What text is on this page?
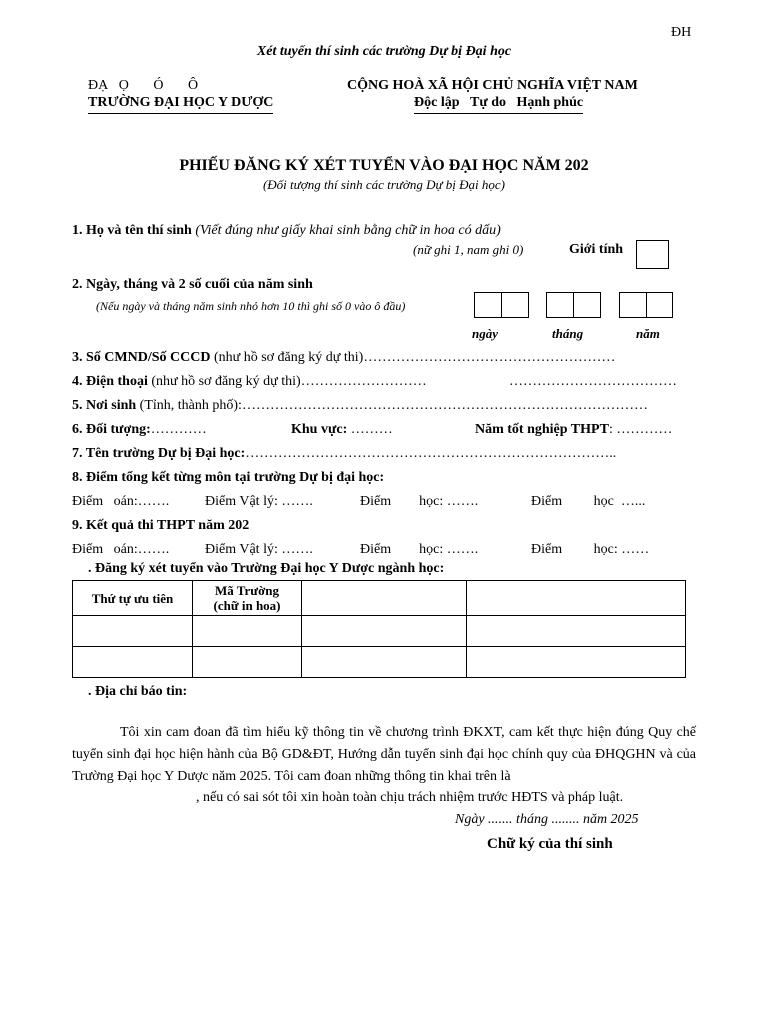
ĐH
Xét tuyển thí sinh các trường Dự bị Đại học
ĐẠ   Ọ       Ó       Ô
TRƯỜNG ĐẠI HỌC Y DƯỢC
CỘNG HOÀ XÃ HỘI CHỦ NGHĨA VIỆT NAM
Độc lập Tự do Hạnh phúc
PHIẾU ĐĂNG KÝ XÉT TUYỂN VÀO ĐẠI HỌC NĂM 202
(Đối tượng thí sinh các trường Dự bị Đại học)
1. Họ và tên thí sinh (Viết đúng như giấy khai sinh bằng chữ in hoa có dấu)
(nữ ghi 1, nam ghi 0)	Giới tính
2. Ngày, tháng và 2 số cuối của năm sinh
(Nếu ngày và tháng năm sinh nhỏ hơn 10 thì ghi số 0 vào ô đầu)
ngày	tháng	năm
3. Số CMND/Số CCCD (như hồ sơ đăng ký dự thi)………………………………………………
4. Điện thoại (như hồ sơ đăng ký dự thi)………………………	………………………………
5. Nơi sinh (Tỉnh, thành phố):……………………………………………………………………………
6. Đối tượng:…………	Khu vực: ………	Năm tốt nghiệp THPT: …………
7. Tên trường Dự bị Đại học:……………………………………………………………………..
8. Điểm tổng kết từng môn tại trường Dự bị đại học:
Điểm   oán:…….	Điểm Vật lý: …….	Điểm        học: …….	Điểm         học  …...
9. Kết quả thi THPT năm 202
Điểm   oán:…….	Điểm Vật lý: …….	Điểm        học: …….	Điểm         học: ……
. Đăng ký xét tuyển vào Trường Đại học Y Dược ngành học:
Thứ tự ưu tiên	Mã Trường
(chữ in hoa)		

. Địa chỉ báo tin:
Tôi xin cam đoan đã tìm hiểu kỹ thông tin về chương trình ĐKXT, cam kết thực hiện đúng Quy chế tuyển sinh đại học hiện hành của Bộ GD&ĐT, Hướng dẫn tuyển sinh đại học chính quy của ĐHQGHN và của Trường Đại học Y Dược năm 2025. Tôi cam đoan những thông tin khai trên là
, nếu có sai sót tôi xin hoàn toàn chịu trách nhiệm trước HĐTS và pháp luật.
Ngày ....... tháng ........ năm 2025
Chữ ký của thí sinh
